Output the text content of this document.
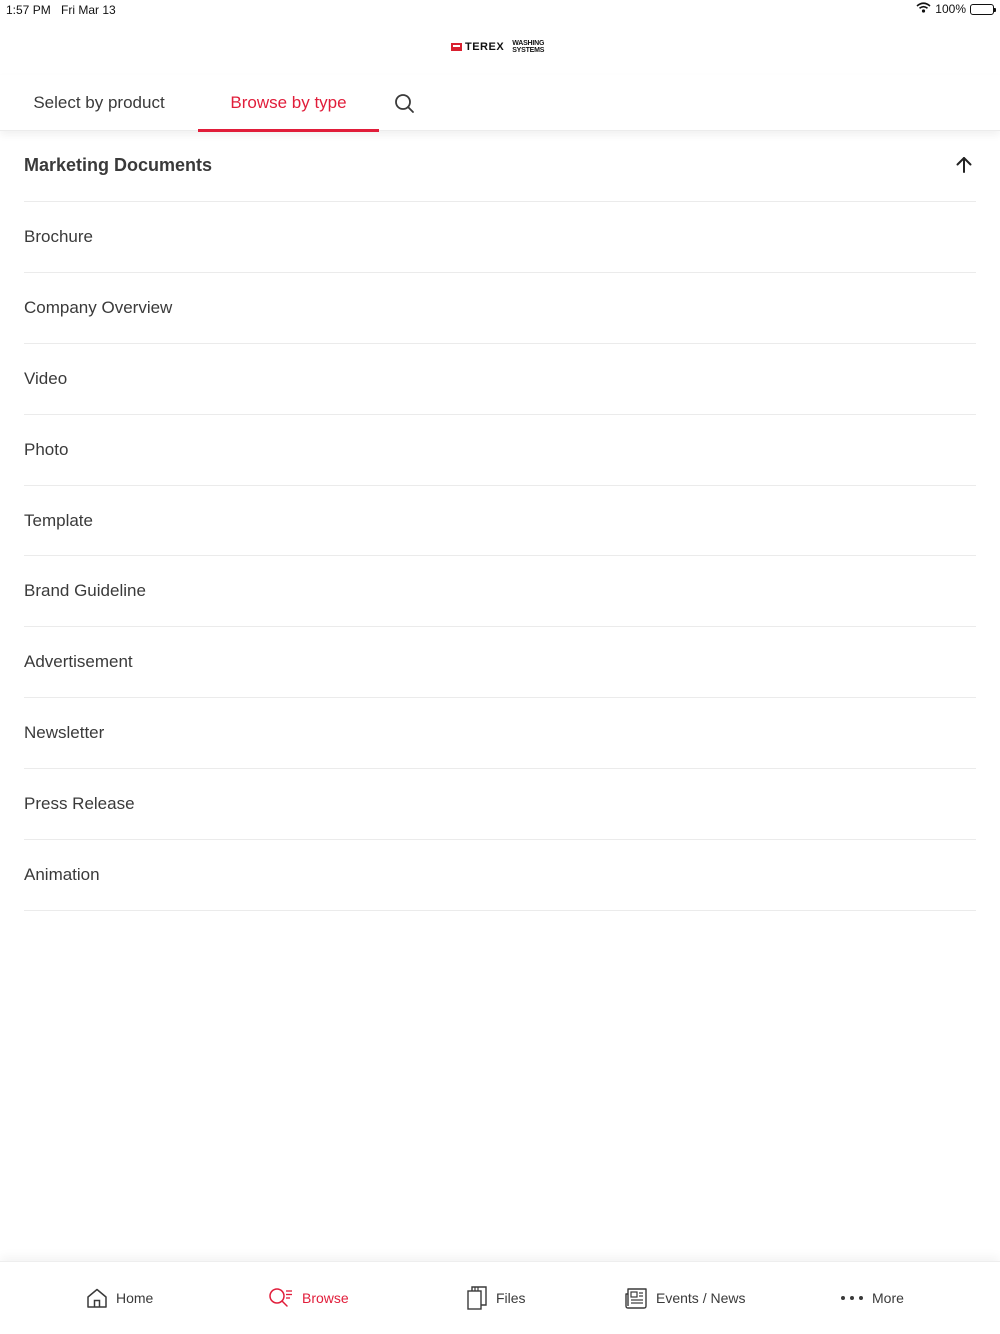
1:57 PM Fri Mar 13	100%
TEREX WASHING
SYSTEMS
Select by product	Browse by type
Marketing Documents
Brochure
Company Overview
Video
Photo
Template
Brand Guideline
Advertisement
Newsletter
Press Release
Animation
Home	Browse	Files	Events / News	More
